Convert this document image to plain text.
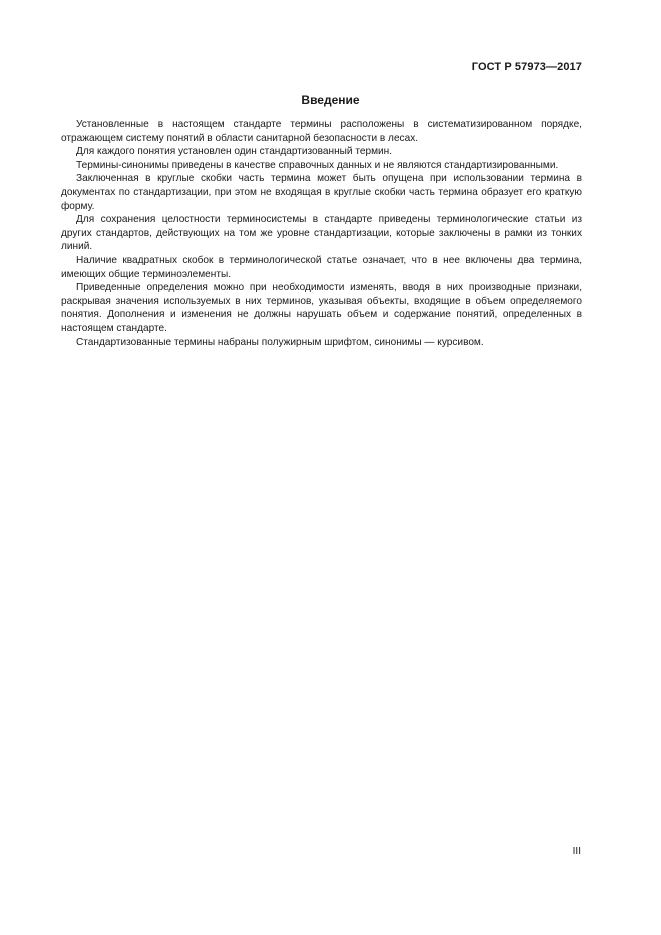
ГОСТ Р 57973—2017
Введение

Установленные в настоящем стандарте термины расположены в систематизированном порядке, отражающем систему понятий в области санитарной безопасности в лесах.

Для каждого понятия установлен один стандартизованный термин.

Термины-синонимы приведены в качестве справочных данных и не являются стандартизированными.

Заключенная в круглые скобки часть термина может быть опущена при использовании термина в документах по стандартизации, при этом не входящая в круглые скобки часть термина образует его краткую форму.

Для сохранения целостности терминосистемы в стандарте приведены терминологические статьи из других стандартов, действующих на том же уровне стандартизации, которые заключены в рамки из тонких линий.

Наличие квадратных скобок в терминологической статье означает, что в нее включены два термина, имеющих общие терминоэлементы.

Приведенные определения можно при необходимости изменять, вводя в них производные признаки, раскрывая значения используемых в них терминов, указывая объекты, входящие в объем определяемого понятия. Дополнения и изменения не должны нарушать объем и содержание понятий, определенных в настоящем стандарте.

Стандартизованные термины набраны полужирным шрифтом, синонимы — курсивом.

III
